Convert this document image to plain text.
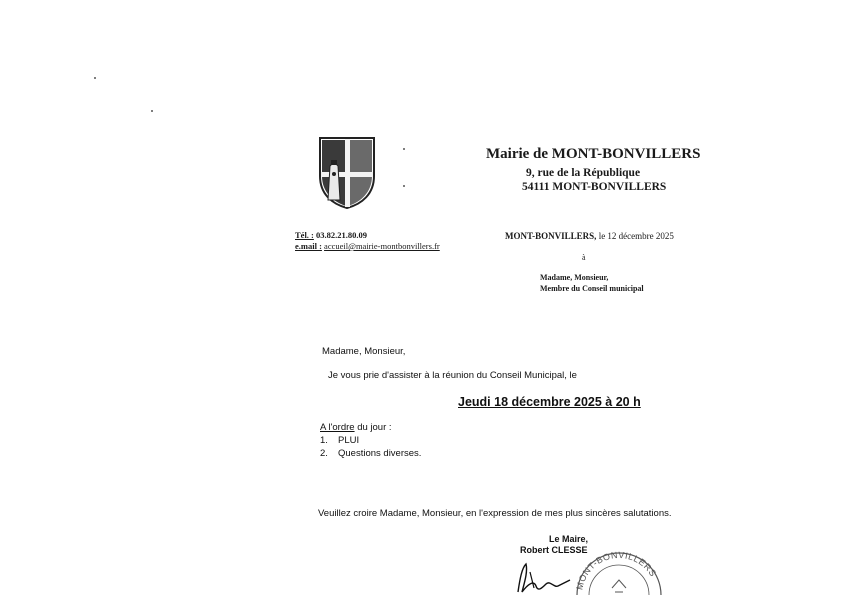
Mairie de MONT-BONVILLERS
9, rue de la République
54111 MONT-BONVILLERS
Tél. : 03.82.21.80.09
e.mail : accueil@mairie-montbonvillers.fr
MONT-BONVILLERS, le 12 décembre 2025
à
Madame, Monsieur,
Membre du Conseil municipal
Madame, Monsieur,
Je vous prie d'assister à la réunion du Conseil Municipal, le
Jeudi 18 décembre 2025 à 20 h
A l'ordre du jour :
1. PLUI
2. Questions diverses.
Veuillez croire Madame, Monsieur, en l'expression de mes plus sincères salutations.
Le Maire,
Robert CLESSE
MONT-BONVILLERS
